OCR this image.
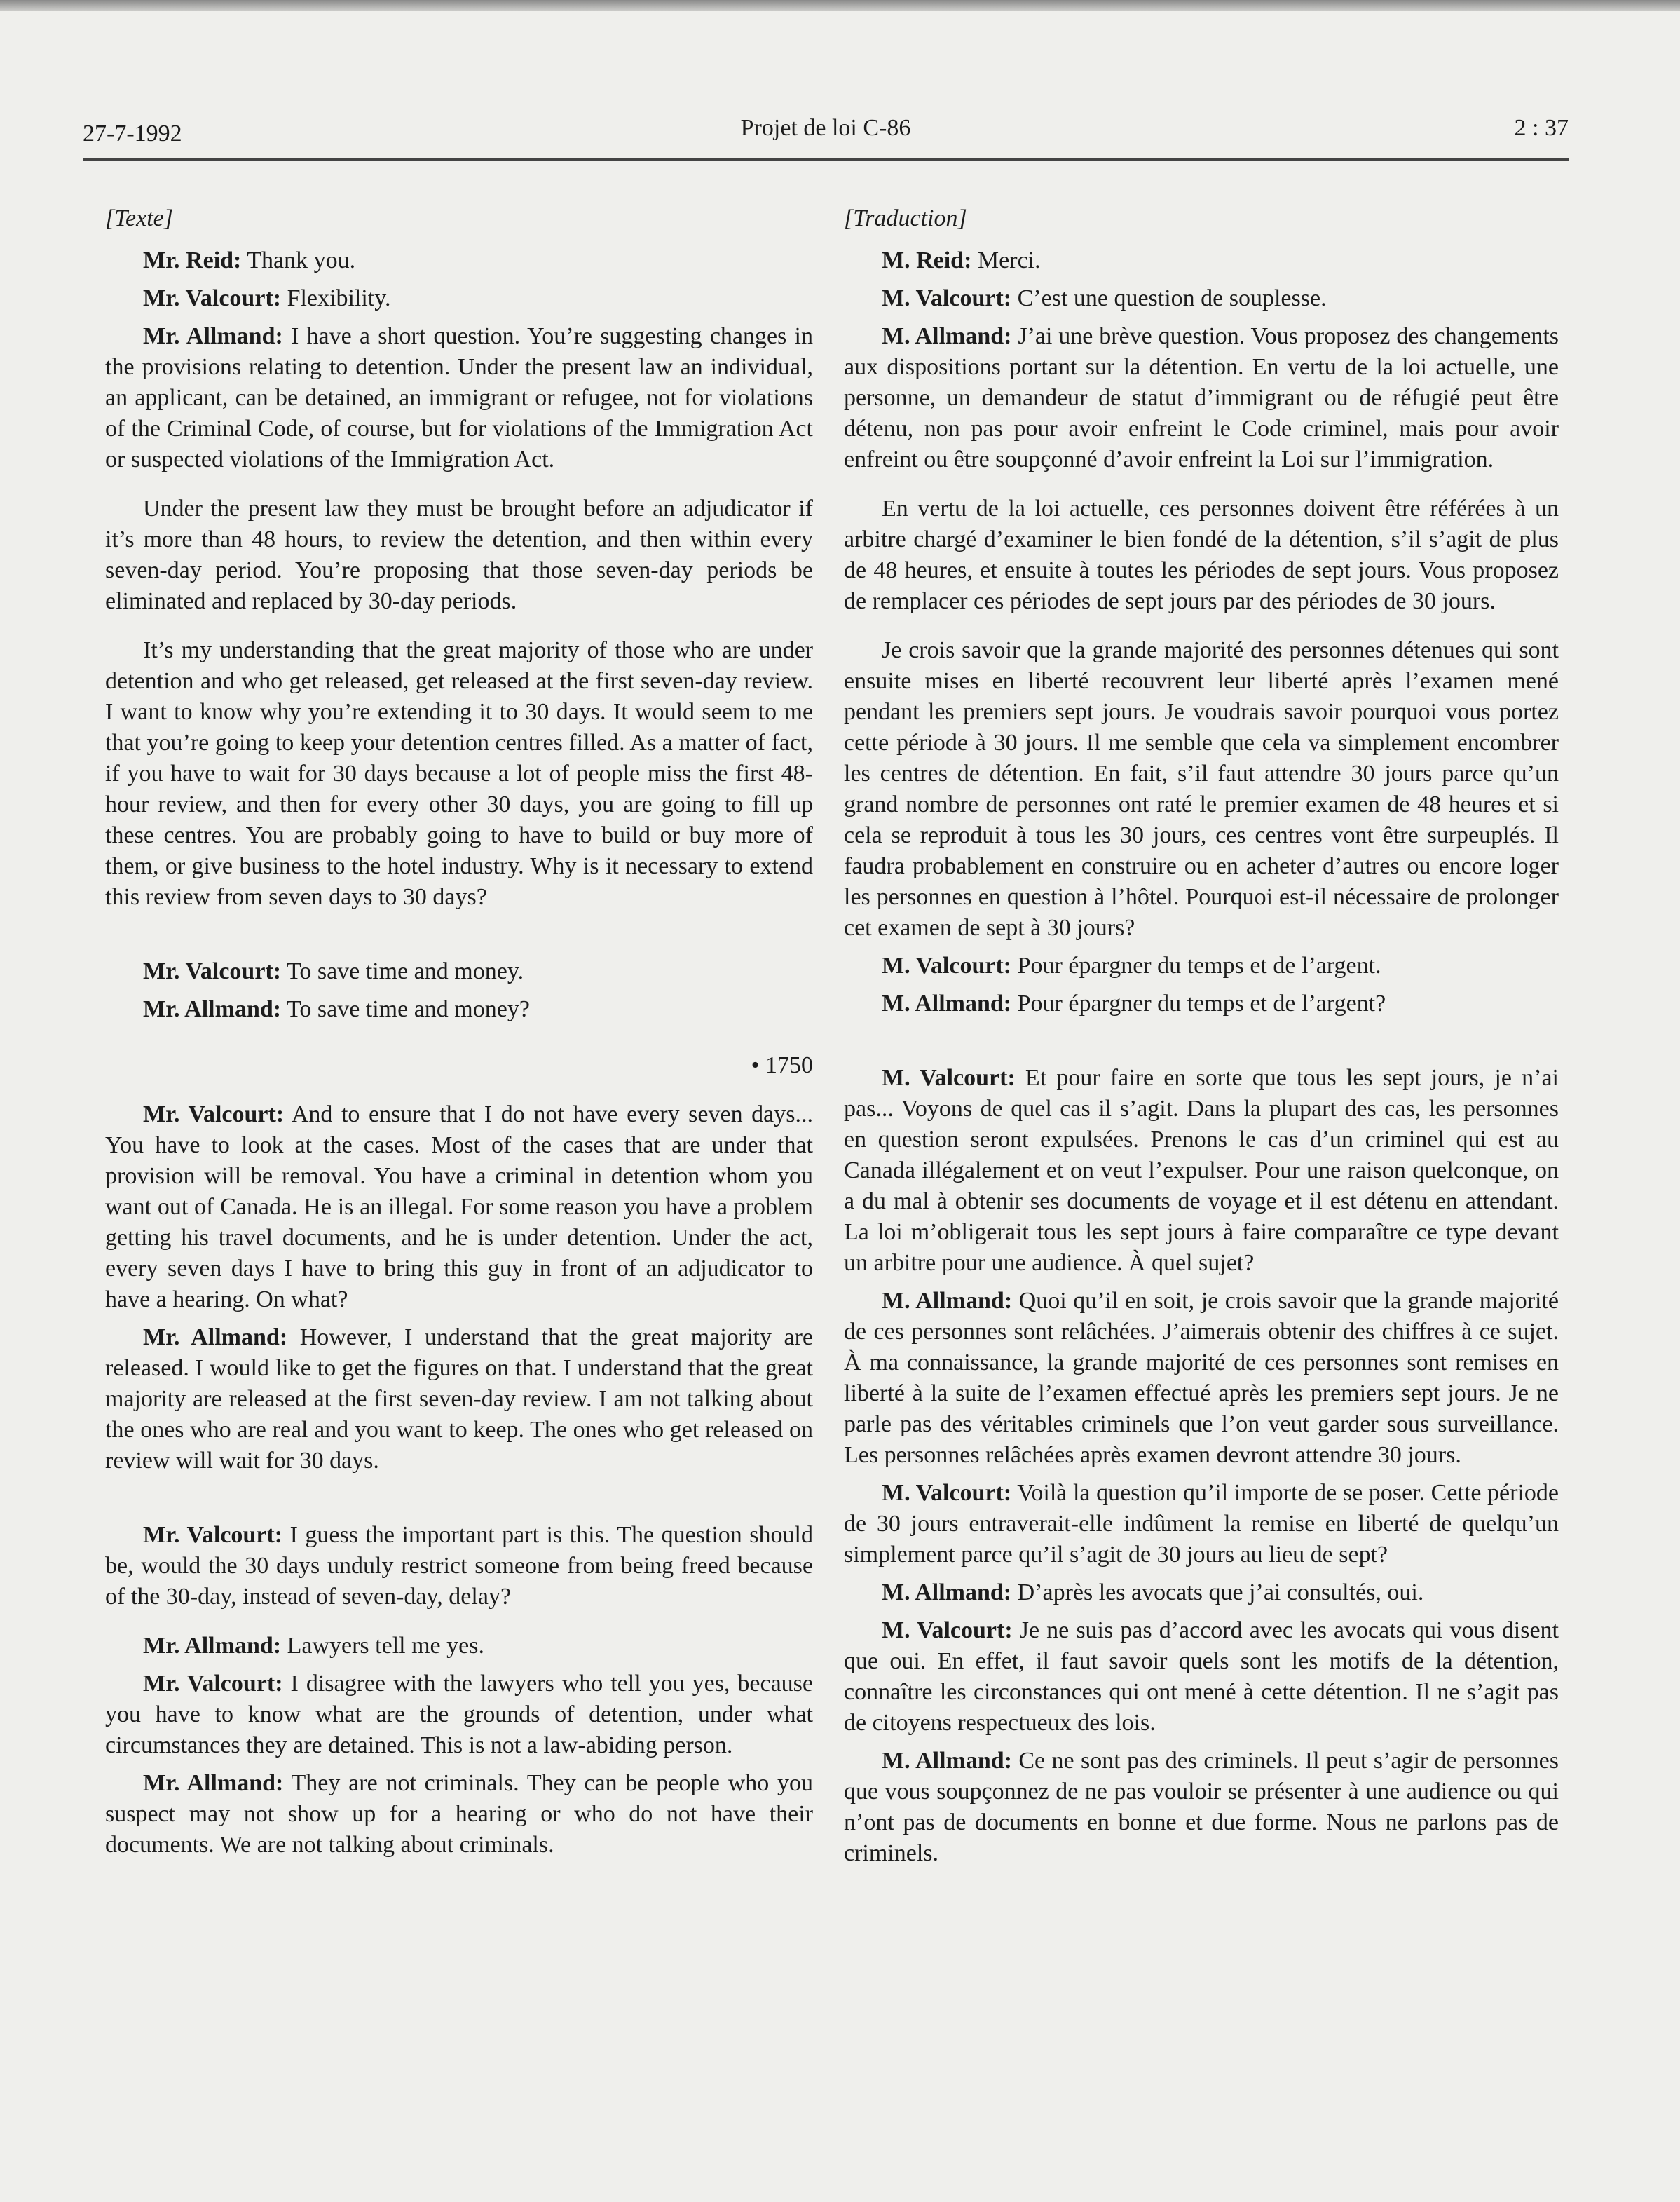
27-7-1992	Projet de loi C-86	2 : 37
[Texte]

Mr. Reid: Thank you.

Mr. Valcourt: Flexibility.

Mr. Allmand: I have a short question. You’re suggesting changes in the provisions relating to detention. Under the present law an individual, an applicant, can be detained, an immigrant or refugee, not for violations of the Criminal Code, of course, but for violations of the Immigration Act or suspected violations of the Immigration Act.

Under the present law they must be brought before an adjudicator if it’s more than 48 hours, to review the detention, and then within every seven-day period. You’re proposing that those seven-day periods be eliminated and replaced by 30-day periods.

It’s my understanding that the great majority of those who are under detention and who get released, get released at the first seven-day review. I want to know why you’re extending it to 30 days. It would seem to me that you’re going to keep your detention centres filled. As a matter of fact, if you have to wait for 30 days because a lot of people miss the first 48-hour review, and then for every other 30 days, you are going to fill up these centres. You are probably going to have to build or buy more of them, or give business to the hotel industry. Why is it necessary to extend this review from seven days to 30 days?

Mr. Valcourt: To save time and money.

Mr. Allmand: To save time and money?

• 1750

Mr. Valcourt: And to ensure that I do not have every seven days... You have to look at the cases. Most of the cases that are under that provision will be removal. You have a criminal in detention whom you want out of Canada. He is an illegal. For some reason you have a problem getting his travel documents, and he is under detention. Under the act, every seven days I have to bring this guy in front of an adjudicator to have a hearing. On what?

Mr. Allmand: However, I understand that the great majority are released. I would like to get the figures on that. I understand that the great majority are released at the first seven-day review. I am not talking about the ones who are real and you want to keep. The ones who get released on review will wait for 30 days.

Mr. Valcourt: I guess the important part is this. The question should be, would the 30 days unduly restrict someone from being freed because of the 30-day, instead of seven-day, delay?

Mr. Allmand: Lawyers tell me yes.

Mr. Valcourt: I disagree with the lawyers who tell you yes, because you have to know what are the grounds of detention, under what circumstances they are detained. This is not a law-abiding person.

Mr. Allmand: They are not criminals. They can be people who you suspect may not show up for a hearing or who do not have their documents. We are not talking about criminals.

[Traduction]

M. Reid: Merci.

M. Valcourt: C’est une question de souplesse.

M. Allmand: J’ai une brève question. Vous proposez des changements aux dispositions portant sur la détention. En vertu de la loi actuelle, une personne, un demandeur de statut d’immigrant ou de réfugié peut être détenu, non pas pour avoir enfreint le Code criminel, mais pour avoir enfreint ou être soupçonné d’avoir enfreint la Loi sur l’immigration.

En vertu de la loi actuelle, ces personnes doivent être référées à un arbitre chargé d’examiner le bien fondé de la détention, s’il s’agit de plus de 48 heures, et ensuite à toutes les périodes de sept jours. Vous proposez de remplacer ces périodes de sept jours par des périodes de 30 jours.

Je crois savoir que la grande majorité des personnes détenues qui sont ensuite mises en liberté recouvrent leur liberté après l’examen mené pendant les premiers sept jours. Je voudrais savoir pourquoi vous portez cette période à 30 jours. Il me semble que cela va simplement encombrer les centres de détention. En fait, s’il faut attendre 30 jours parce qu’un grand nombre de personnes ont raté le premier examen de 48 heures et si cela se reproduit à tous les 30 jours, ces centres vont être surpeuplés. Il faudra probablement en construire ou en acheter d’autres ou encore loger les personnes en question à l’hôtel. Pourquoi est-il nécessaire de prolonger cet examen de sept à 30 jours?

M. Valcourt: Pour épargner du temps et de l’argent.

M. Allmand: Pour épargner du temps et de l’argent?

M. Valcourt: Et pour faire en sorte que tous les sept jours, je n’ai pas... Voyons de quel cas il s’agit. Dans la plupart des cas, les personnes en question seront expulsées. Prenons le cas d’un criminel qui est au Canada illégalement et on veut l’expulser. Pour une raison quelconque, on a du mal à obtenir ses documents de voyage et il est détenu en attendant. La loi m’obligerait tous les sept jours à faire comparaître ce type devant un arbitre pour une audience. À quel sujet?

M. Allmand: Quoi qu’il en soit, je crois savoir que la grande majorité de ces personnes sont relâchées. J’aimerais obtenir des chiffres à ce sujet. À ma connaissance, la grande majorité de ces personnes sont remises en liberté à la suite de l’examen effectué après les premiers sept jours. Je ne parle pas des véritables criminels que l’on veut garder sous surveillance. Les personnes relâchées après examen devront attendre 30 jours.

M. Valcourt: Voilà la question qu’il importe de se poser. Cette période de 30 jours entraverait-elle indûment la remise en liberté de quelqu’un simplement parce qu’il s’agit de 30 jours au lieu de sept?

M. Allmand: D’après les avocats que j’ai consultés, oui.

M. Valcourt: Je ne suis pas d’accord avec les avocats qui vous disent que oui. En effet, il faut savoir quels sont les motifs de la détention, connaître les circonstances qui ont mené à cette détention. Il ne s’agit pas de citoyens respectueux des lois.

M. Allmand: Ce ne sont pas des criminels. Il peut s’agir de personnes que vous soupçonnez de ne pas vouloir se présenter à une audience ou qui n’ont pas de documents en bonne et due forme. Nous ne parlons pas de criminels.
